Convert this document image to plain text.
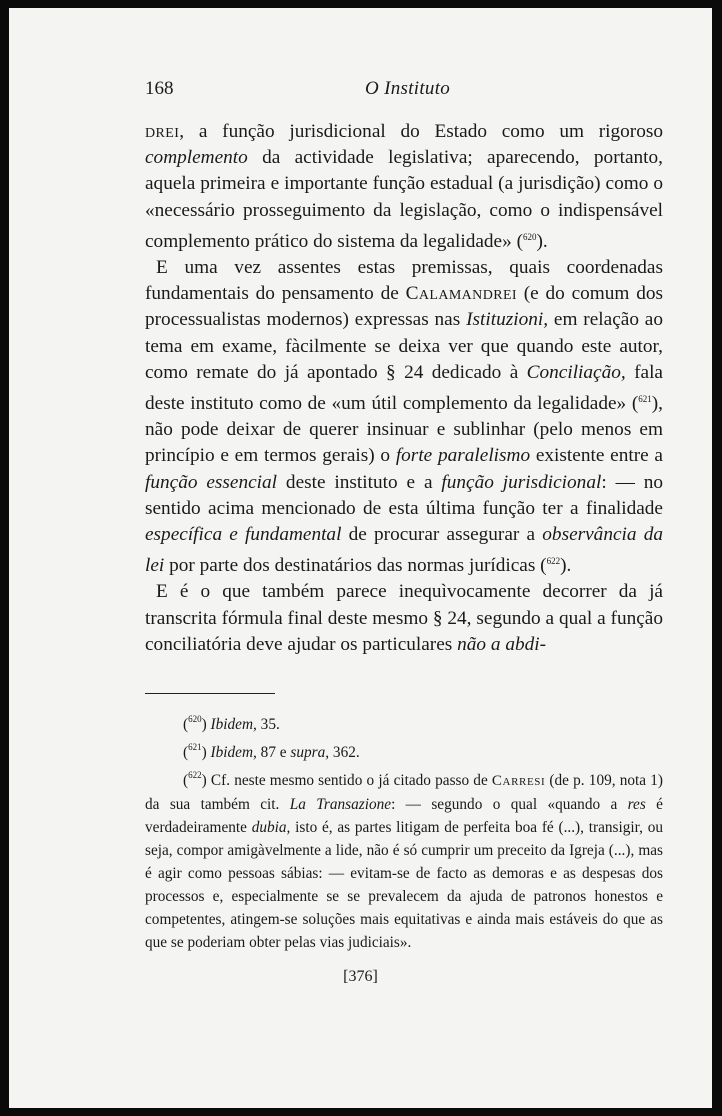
168	O Instituto

drei, a função jurisdicional do Estado como um rigoroso complemento da actividade legislativa; aparecendo, portanto, aquela primeira e importante função estadual (a jurisdição) como o «necessário prosseguimento da legislação, como o indispensável complemento prático do sistema da legalidade» ($^{620}$).

E uma vez assentes estas premissas, quais coordenadas fundamentais do pensamento de Calamandrei (e do comum dos processualistas modernos) expressas nas Istituzioni, em relação ao tema em exame, fàcilmente se deixa ver que quando este autor, como remate do já apontado § 24 dedicado à Conciliação, fala deste instituto como de «um útil complemento da legalidade» ($^{621}$), não pode deixar de querer insinuar e sublinhar (pelo menos em princípio e em termos gerais) o forte paralelismo existente entre a função essencial deste instituto e a função jurisdicional: — no sentido acima mencionado de esta última função ter a finalidade específica e fundamental de procurar assegurar a observância da lei por parte dos destinatários das normas jurídicas ($^{622}$).

E é o que também parece inequìvocamente decorrer da já transcrita fórmula final deste mesmo § 24, segundo a qual a função conciliatória deve ajudar os particulares não a abdi-

($^{620}$) Ibidem, 35.

($^{621}$) Ibidem, 87 e supra, 362.

($^{622}$) Cf. neste mesmo sentido o já citado passo de Carresi (de p. 109, nota 1) da sua também cit. La Transazione: — segundo o qual «quando a res é verdadeiramente dubia, isto é, as partes litigam de perfeita boa fé (...), transigir, ou seja, compor amigàvelmente a lide, não é só cumprir um preceito da Igreja (...), mas é agir como pessoas sábias: — evitam-se de facto as demoras e as despesas dos processos e, especialmente se se prevalecem da ajuda de patronos honestos e competentes, atingem-se soluções mais equitativas e ainda mais estáveis do que as que se poderiam obter pelas vias judiciais».

[376]
